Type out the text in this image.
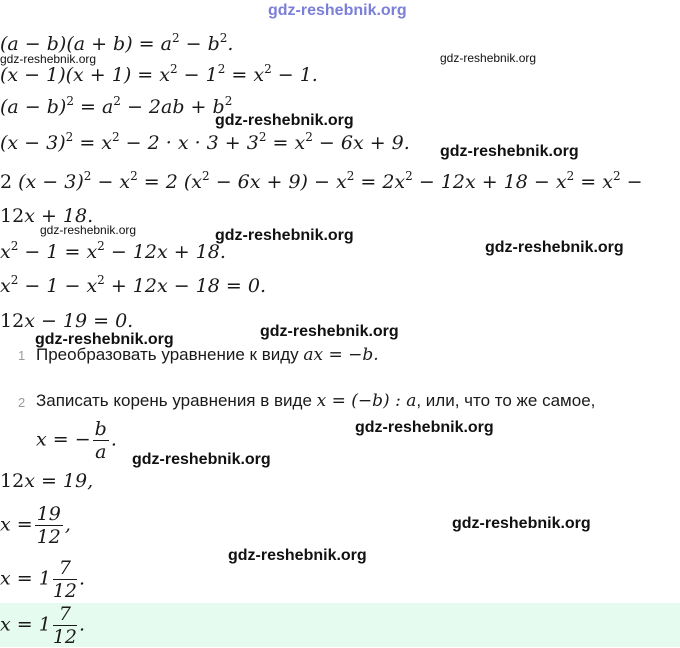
gdz-reshebnik.org
$(a - b)(a + b) = a^2 - b^2$.
$(x - 1)(x + 1) = x^2 - 1^2 = x^2 - 1$.
$(a - b)^2 = a^2 - 2ab + b^2$
$(x - 3)^2 = x^2 - 2 \cdot x \cdot 3 + 3^2 = x^2 - 6x + 9$.
2 $(x - 3)^2 - x^2 = 2$ $(x^2 - 6x + 9) - x^2 = 2x^2 - 12x + 18 - x^2 = x^2$ −
12x + 18.
$x^2 - 1 = x^2 - 12x + 18$.
$x^2 - 1 - x^2 + 12x - 18 = 0$.
12x − 19 = 0.
1 Преобразовать уравнение к виду ax = −b.
2 Записать корень уравнения в виде x = (−b) : a, или, что то же самое,
x = − $\frac{b}{a}$ .
12x = 19,
$x = \frac{19}{12}$ ,
$x = 1 \frac{7}{12}$ .
$x = 1 \frac{7}{12}$ .
gdz-reshebnik.org	gdz-reshebnik.org
gdz-reshebnik.org
gdz-reshebnik.org
gdz-reshebnik.org	gdz-reshebnik.org
gdz-reshebnik.org
gdz-reshebnik.org
gdz-reshebnik.org
gdz-reshebnik.org
gdz-reshebnik.org
gdz-reshebnik.org
gdz-reshebnik.org
